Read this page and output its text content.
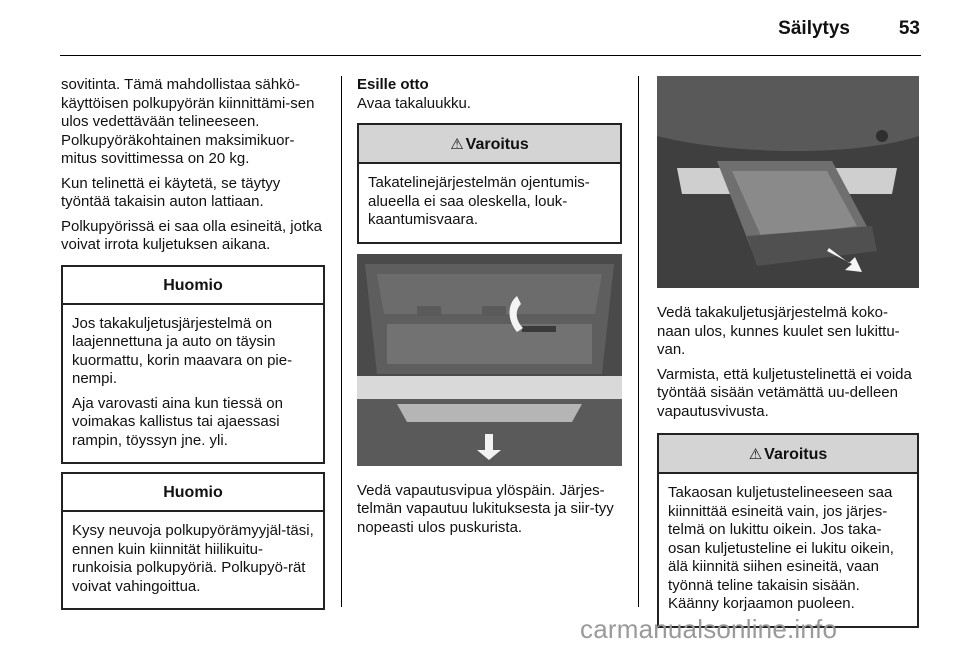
Säilytys	53

sovitinta. Tämä mahdollistaa sähkö-käyttöisen polkupyörän kiinnittämi-sen ulos vedettävään telineeseen. Polkupyöräkohtainen maksimikuor-mitus sovittimessa on 20 kg.

Kun telinettä ei käytetä, se täytyy työntää takaisin auton lattiaan.

Polkupyörissä ei saa olla esineitä, jotka voivat irrota kuljetuksen aikana.

Huomio

Jos takakuljetusjärjestelmä on laajennettuna ja auto on täysin kuormattu, korin maavara on pie-nempi.

Aja varovasti aina kun tiessä on voimakas kallistus tai ajaessasi rampin, töyssyn jne. yli.

Huomio

Kysy neuvoja polkupyörämyyjäl-täsi, ennen kuin kiinnität hiilikuitu-runkoisia polkupyöriä. Polkupyö-rät voivat vahingoittua.

Esille otto

Avaa takaluukku.

⚠ Varoitus

Takatelinejärjestelmän ojentumis-alueella ei saa oleskella, louk-kaantumisvaara.

Vedä vapautusvipua ylöspäin. Järjes-telmän vapautuu lukituksesta ja siir-tyy nopeasti ulos puskurista.

Vedä takakuljetusjärjestelmä koko-naan ulos, kunnes kuulet sen lukittu-van.

Varmista, että kuljetustelinettä ei voida työntää sisään vetämättä uu-delleen vapautusvivusta.

⚠ Varoitus

Takaosan kuljetustelineeseen saa kiinnittää esineitä vain, jos järjes-telmä on lukittu oikein. Jos taka-osan kuljetusteline ei lukitu oikein, älä kiinnitä siihen esineitä, vaan työnnä teline takaisin sisään. Käänny korjaamon puoleen.

carmanualsonline.info
